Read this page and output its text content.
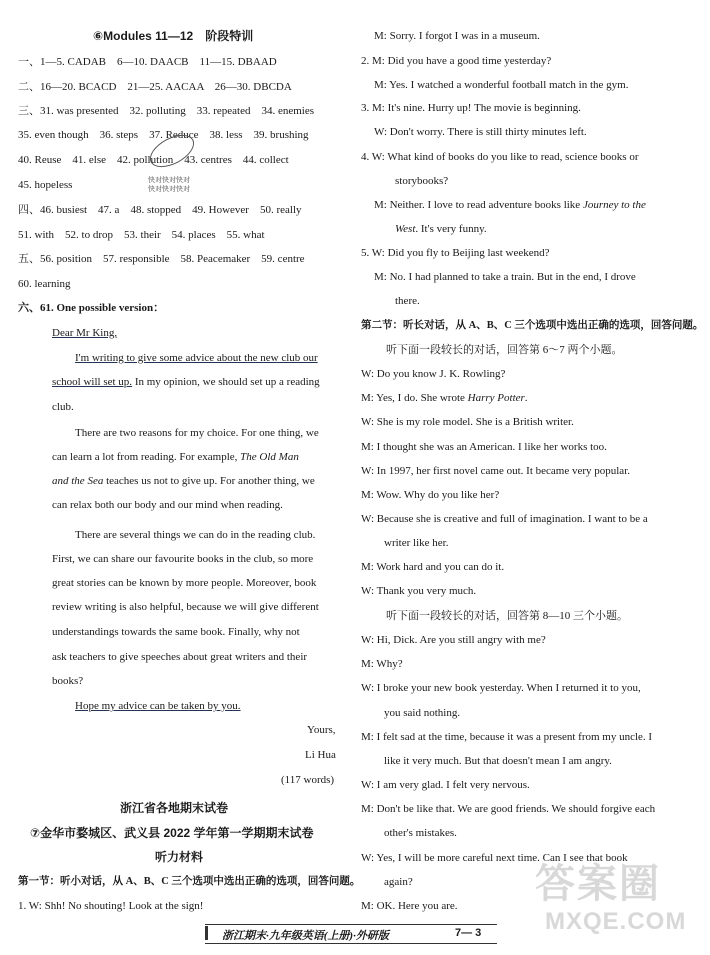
⑥Modules 11—12　阶段特训
一、1—5. CADAB　6—10. DAACB　11—15. DBAAD
二、16—20. BCACD　21—25. AACAA　26—30. DBCDA
三、31. was presented　32. polluting　33. repeated　34. enemies
35. even though　36. steps　37. Reduce　38. less　39. brushing
40. Reuse　41. else　42. pollution　43. centres　44. collect
45. hopeless	快对快对快对
快对快对快对
四、46. busiest　47. a　48. stopped　49. However　50. really
51. with　52. to drop　53. their　54. places　55. what
五、56. position　57. responsible　58. Peacemaker　59. centre
60. learning
六、61. One possible version：
Dear Mr King,
I'm writing to give some advice about the new club our
school will set up. In my opinion, we should set up a reading
club.
There are two reasons for my choice. For one thing, we
can learn a lot from reading. For example, The Old Man
and the Sea teaches us not to give up. For another thing, we
can relax both our body and our mind when reading.
There are several things we can do in the reading club.
First, we can share our favourite books in the club, so more
great stories can be known by more people. Moreover, book
review writing is also helpful, because we will give different
understandings towards the same book. Finally, why not
ask teachers to give speeches about great writers and their
books?
Hope my advice can be taken by you.
Yours,
Li Hua
(117 words)
浙江省各地期末试卷
⑦金华市婺城区、武义县 2022 学年第一学期期末试卷
听力材料
第一节：听小对话，从 A、B、C 三个选项中选出正确的选项，回答问题。
1. W: Shh! No shouting! Look at the sign!
M: Sorry. I forgot I was in a museum.
2. M: Did you have a good time yesterday?
M: Yes. I watched a wonderful football match in the gym.
3. M: It's nine. Hurry up! The movie is beginning.
W: Don't worry. There is still thirty minutes left.
4. W: What kind of books do you like to read, science books or
storybooks?
M: Neither. I love to read adventure books like Journey to the
West. It's very funny.
5. W: Did you fly to Beijing last weekend?
M: No. I had planned to take a train. But in the end, I drove
there.
第二节：听长对话，从 A、B、C 三个选项中选出正确的选项，回答问题。
听下面一段较长的对话，回答第 6～7 两个小题。
W: Do you know J. K. Rowling?
M: Yes, I do. She wrote Harry Potter.
W: She is my role model. She is a British writer.
M: I thought she was an American. I like her works too.
W: In 1997, her first novel came out. It became very popular.
M: Wow. Why do you like her?
W: Because she is creative and full of imagination. I want to be a
writer like her.
M: Work hard and you can do it.
W: Thank you very much.
听下面一段较长的对话，回答第 8—10 三个小题。
W: Hi, Dick. Are you still angry with me?
M: Why?
W: I broke your new book yesterday. When I returned it to you,
you said nothing.
M: I felt sad at the time, because it was a present from my uncle. I
like it very much. But that doesn't mean I am angry.
W: I am very glad. I felt very nervous.
M: Don't be like that. We are good friends. We should forgive each
other's mistakes.
W: Yes, I will be more careful next time. Can I see that book
again?
M: OK. Here you are. 答案圈
MXQE.COM
浙江期末·九年级英语(上册)·外研版	7— 3
